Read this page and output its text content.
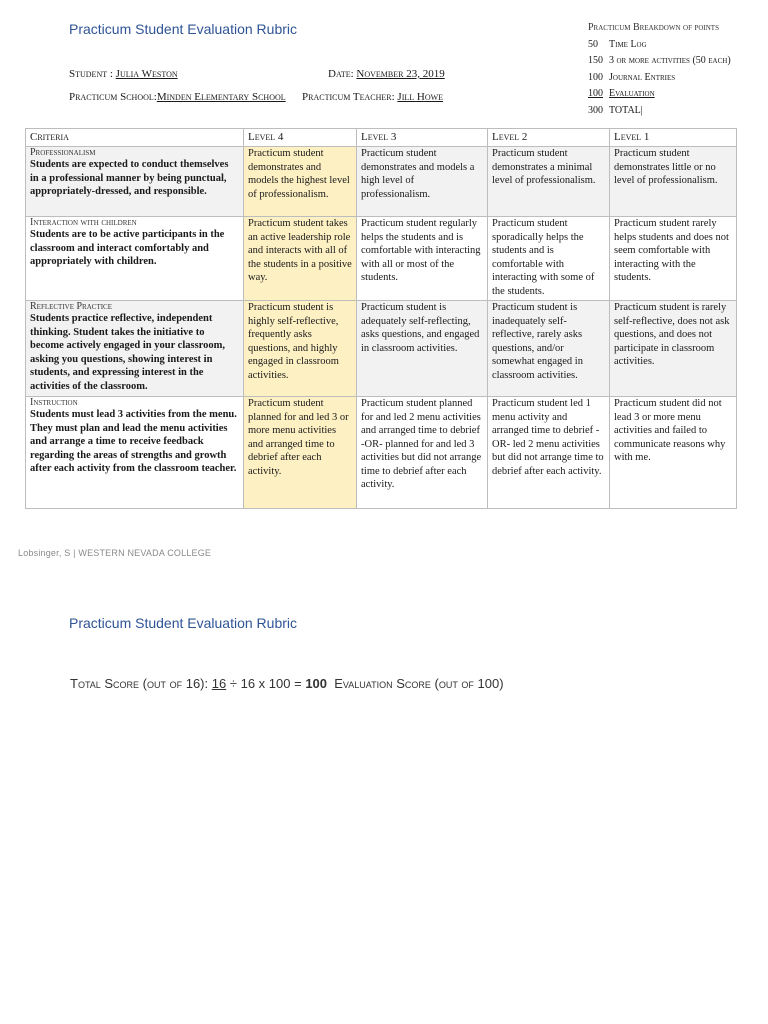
Practicum Student Evaluation Rubric	Practicum Breakdown of points
50 Time Log
150 3 or more activities (50 each)
100 Journal Entries
100 Evaluation
300 TOTAL|
Student : Julia Weston	Date: November 23, 2019
Practicum School:Minden Elementary School Practicum Teacher: Jill Howe
Criteria	Level 4	Level 3	Level 2	Level 1

Professionalism
Students are expected to conduct themselves in a professional manner by being punctual, appropriately-dressed, and responsible.	Practicum student demonstrates and models the highest level of professionalism.	Practicum student demonstrates and models a high level of professionalism.	Practicum student demonstrates a minimal level of professionalism.	Practicum student demonstrates little or no level of professionalism.

Interaction with children
Students are to be active participants in the classroom and interact comfortably and appropriately with children.	Practicum student takes an active leadership role and interacts with all of the students in a positive way.	Practicum student regularly helps the students and is comfortable with interacting with all or most of the students.	Practicum student sporadically helps the students and is comfortable with interacting with some of the students.	Practicum student rarely helps students and does not seem comfortable with interacting with the students.

Reflective Practice
Students practice reflective, independent thinking. Student takes the initiative to become actively engaged in your classroom, asking you questions, showing interest in students, and expressing interest in the activities of the classroom.	Practicum student is highly self-reflective, frequently asks questions, and highly engaged in classroom activities.	Practicum student is adequately self-reflecting, asks questions, and engaged in classroom activities.	Practicum student is inadequately self-reflective, rarely asks questions, and/or somewhat engaged in classroom activities.	Practicum student is rarely self-reflective, does not ask questions, and does not participate in classroom activities.

Instruction
Students must lead 3 activities from the menu. They must plan and lead the menu activities and arrange a time to receive feedback regarding the areas of strengths and growth after each activity from the classroom teacher.	Practicum student planned for and led 3 or more menu activities and arranged time to debrief after each activity.	Practicum student planned for and led 2 menu activities and arranged time to debrief -OR- planned for and led 3 activities but did not arrange time to debrief after each activity.	Practicum student led 1 menu activity and arranged time to debrief -OR- led 2 menu activities but did not arrange time to debrief after each activity.	Practicum student did not lead 3 or more menu activities and failed to communicate reasons why with me.
Lobsinger, S | WESTERN NEVADA COLLEGE
Practicum Student Evaluation Rubric
Total Score (out of 16): 16 ÷ 16 x 100 = 100 Evaluation Score (out of 100)
